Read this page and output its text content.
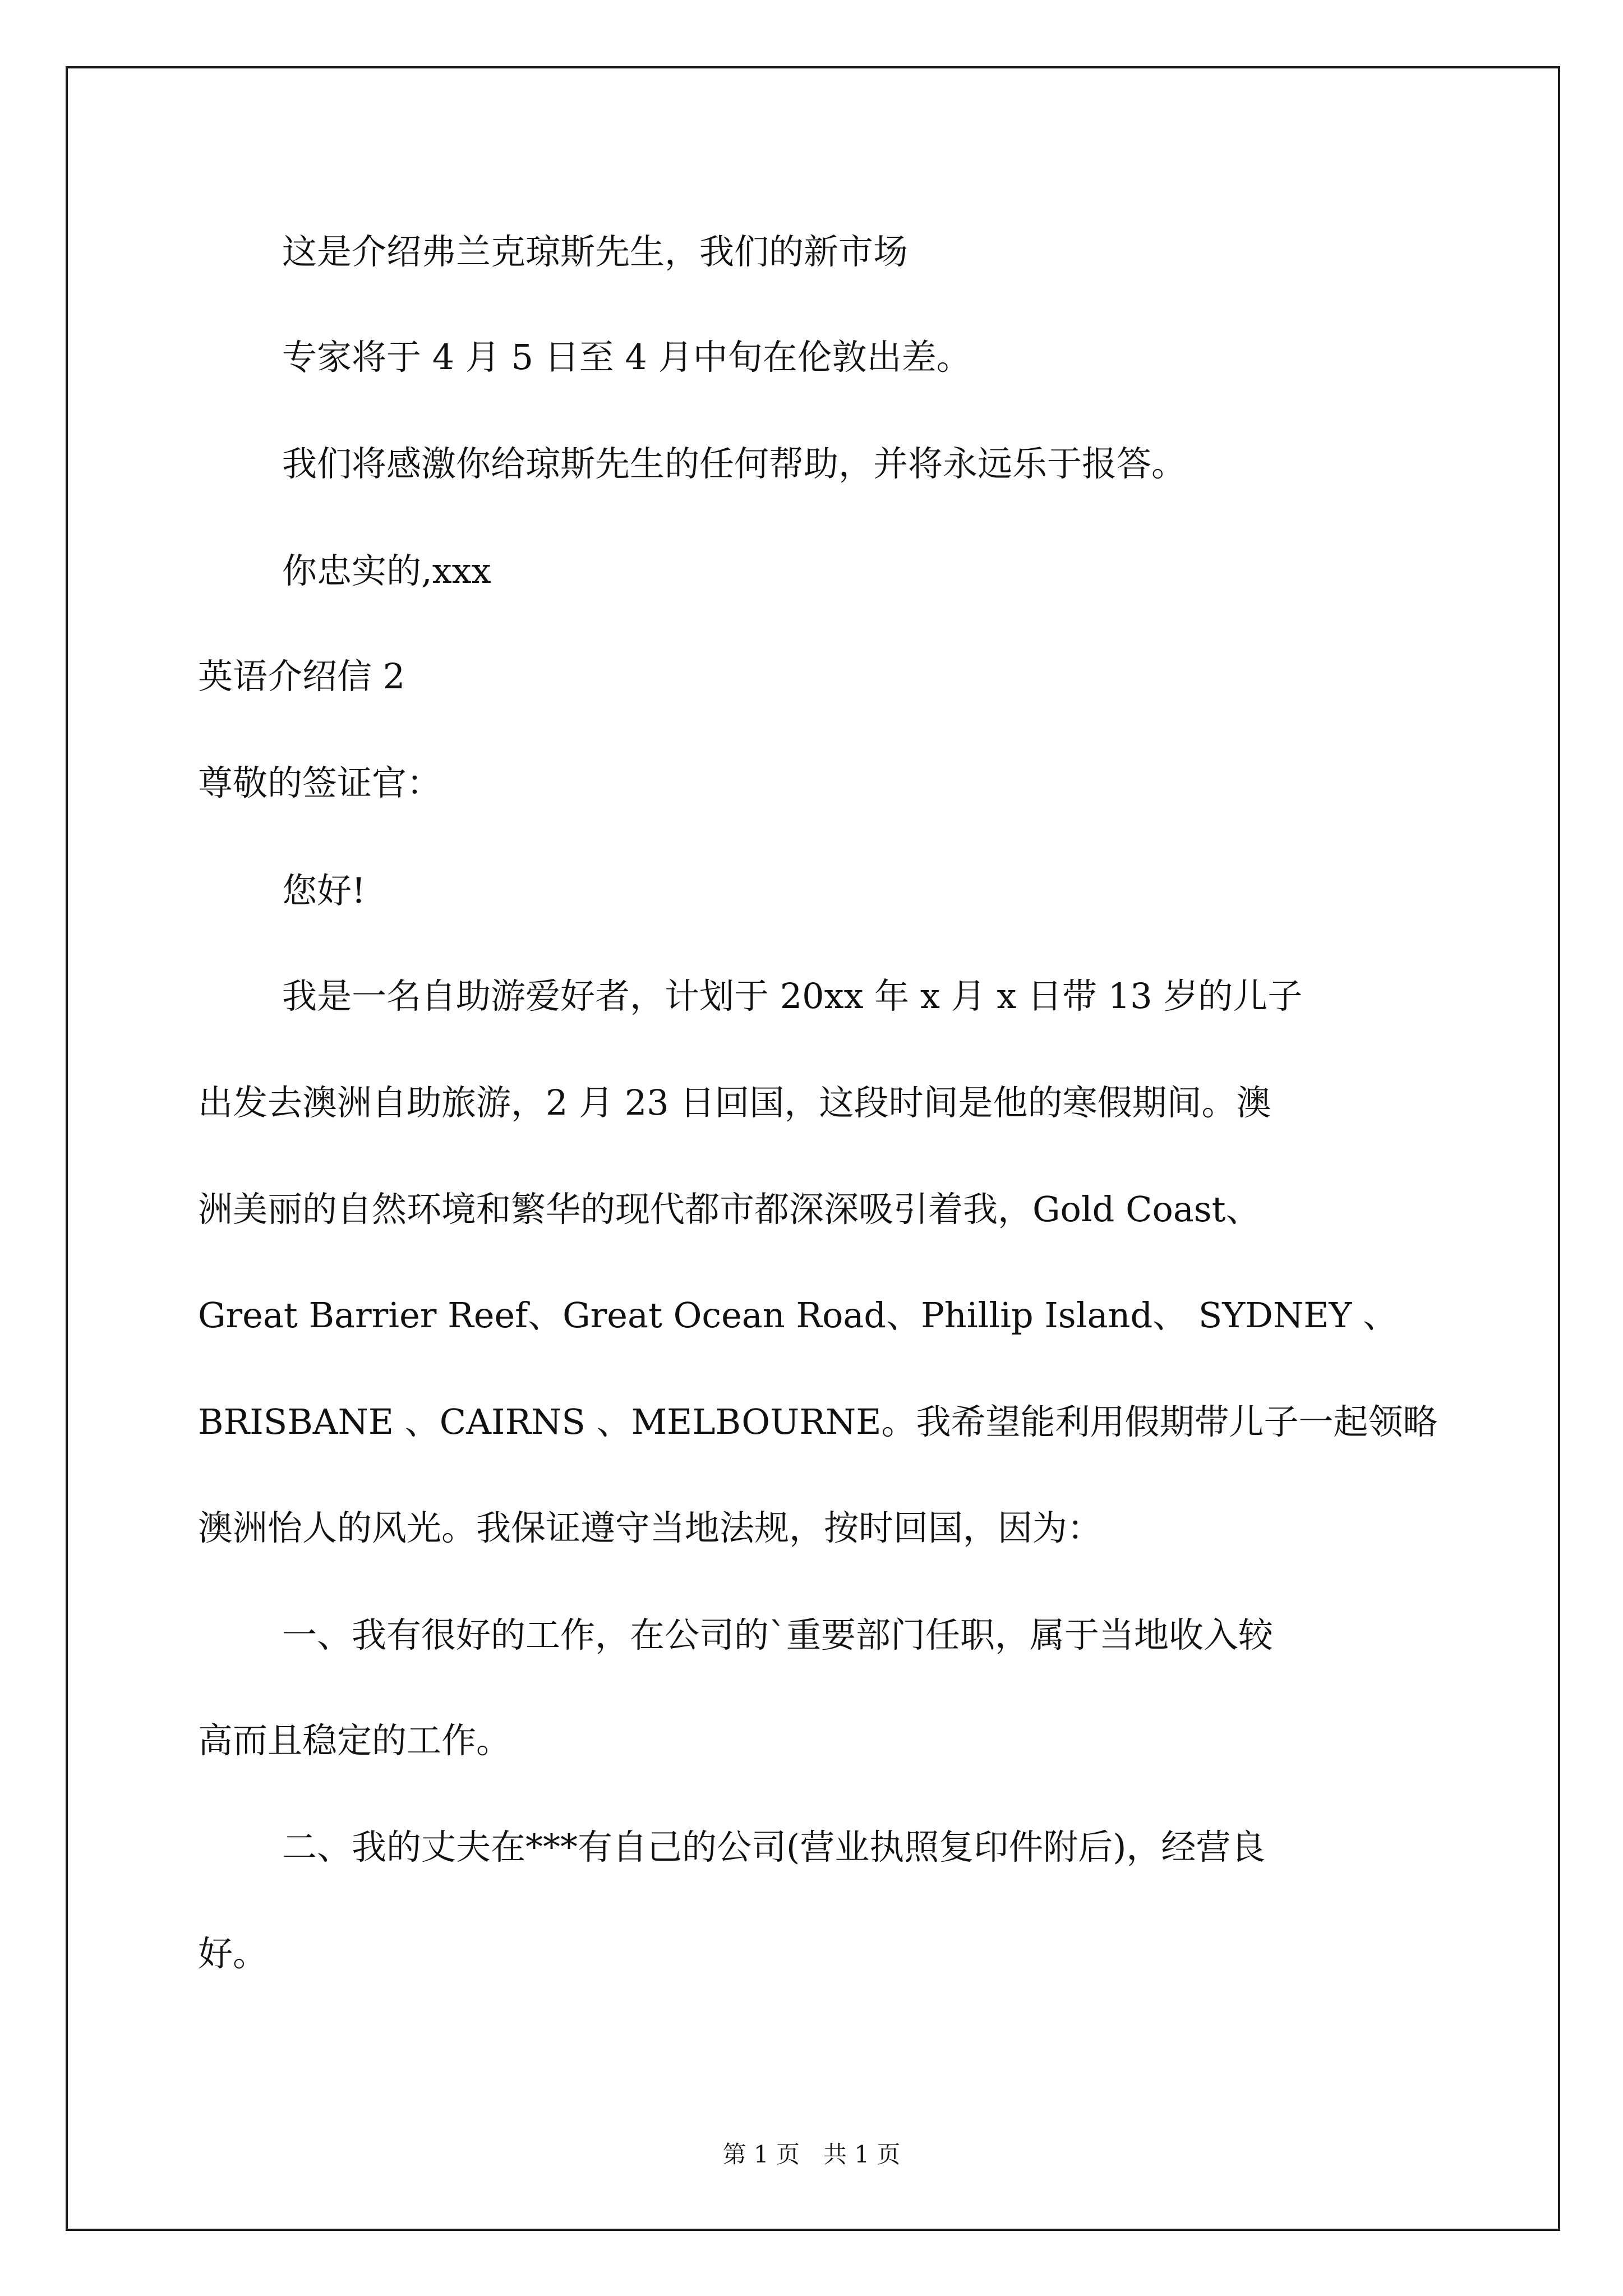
这是介绍弗兰克琼斯先生，我们的新市场
专家将于 4 月 5 日至 4 月中旬在伦敦出差。
我们将感激你给琼斯先生的任何帮助，并将永远乐于报答。
你忠实的,xxx
英语介绍信 2
尊敬的签证官：
您好!
我是一名自助游爱好者，计划于 20xx 年 x 月 x 日带 13 岁的儿子
出发去澳洲自助旅游，2 月 23 日回国，这段时间是他的寒假期间。澳
洲美丽的自然环境和繁华的现代都市都深深吸引着我，Gold Coast、
Great Barrier Reef、Great Ocean Road、Phillip Island、 SYDNEY 、
BRISBANE 、CAIRNS 、MELBOURNE。我希望能利用假期带儿子一起领略
澳洲怡人的风光。我保证遵守当地法规，按时回国，因为：
一、我有很好的工作，在公司的`重要部门任职，属于当地收入较
高而且稳定的工作。
二、我的丈夫在***有自己的公司(营业执照复印件附后)，经营良
好。
第 1 页　共 1 页
